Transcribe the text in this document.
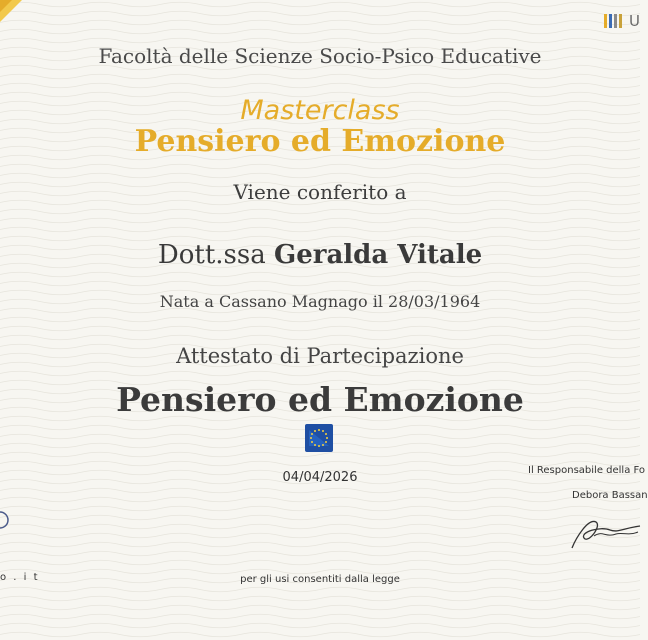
U
Facoltà delle Scienze Socio-Psico Educative
Masterclass
Pensiero ed Emozione
Viene conferito a
Dott.ssa Geralda Vitale
Nata a Cassano Magnago il 28/03/1964
Attestato di Partecipazione
Pensiero ed Emozione
04/04/2026
per gli usi consentiti dalla legge
Il Responsabile della Fo
Debora Bassan
o . i t
